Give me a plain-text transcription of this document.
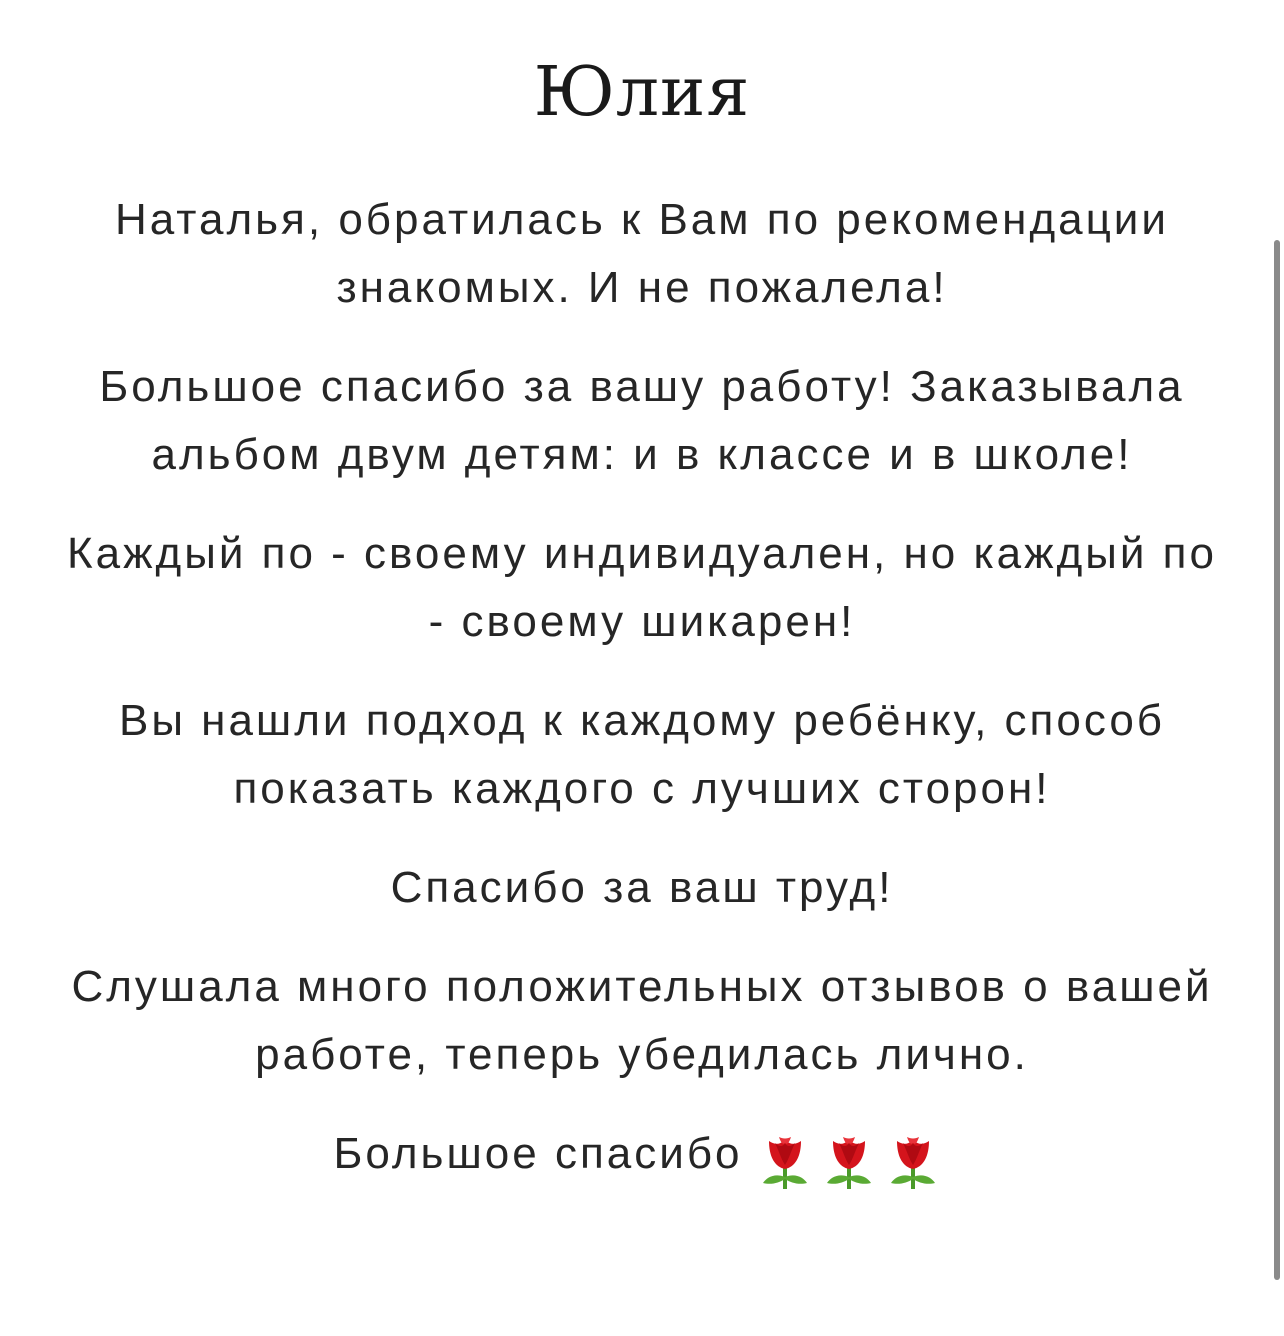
Юлия

Наталья, обратилась к Вам по рекомендации знакомых. И не пожалела!

Большое спасибо за вашу работу! Заказывала альбом двум детям: и в классе и в школе!

Каждый по - своему индивидуален, но каждый по - своему шикарен!

Вы нашли подход к каждому ребёнку, способ показать каждого с лучших сторон!

Спасибо за ваш труд!

Слушала много положительных отзывов о вашей работе, теперь убедилась лично.

Большое спасибо
